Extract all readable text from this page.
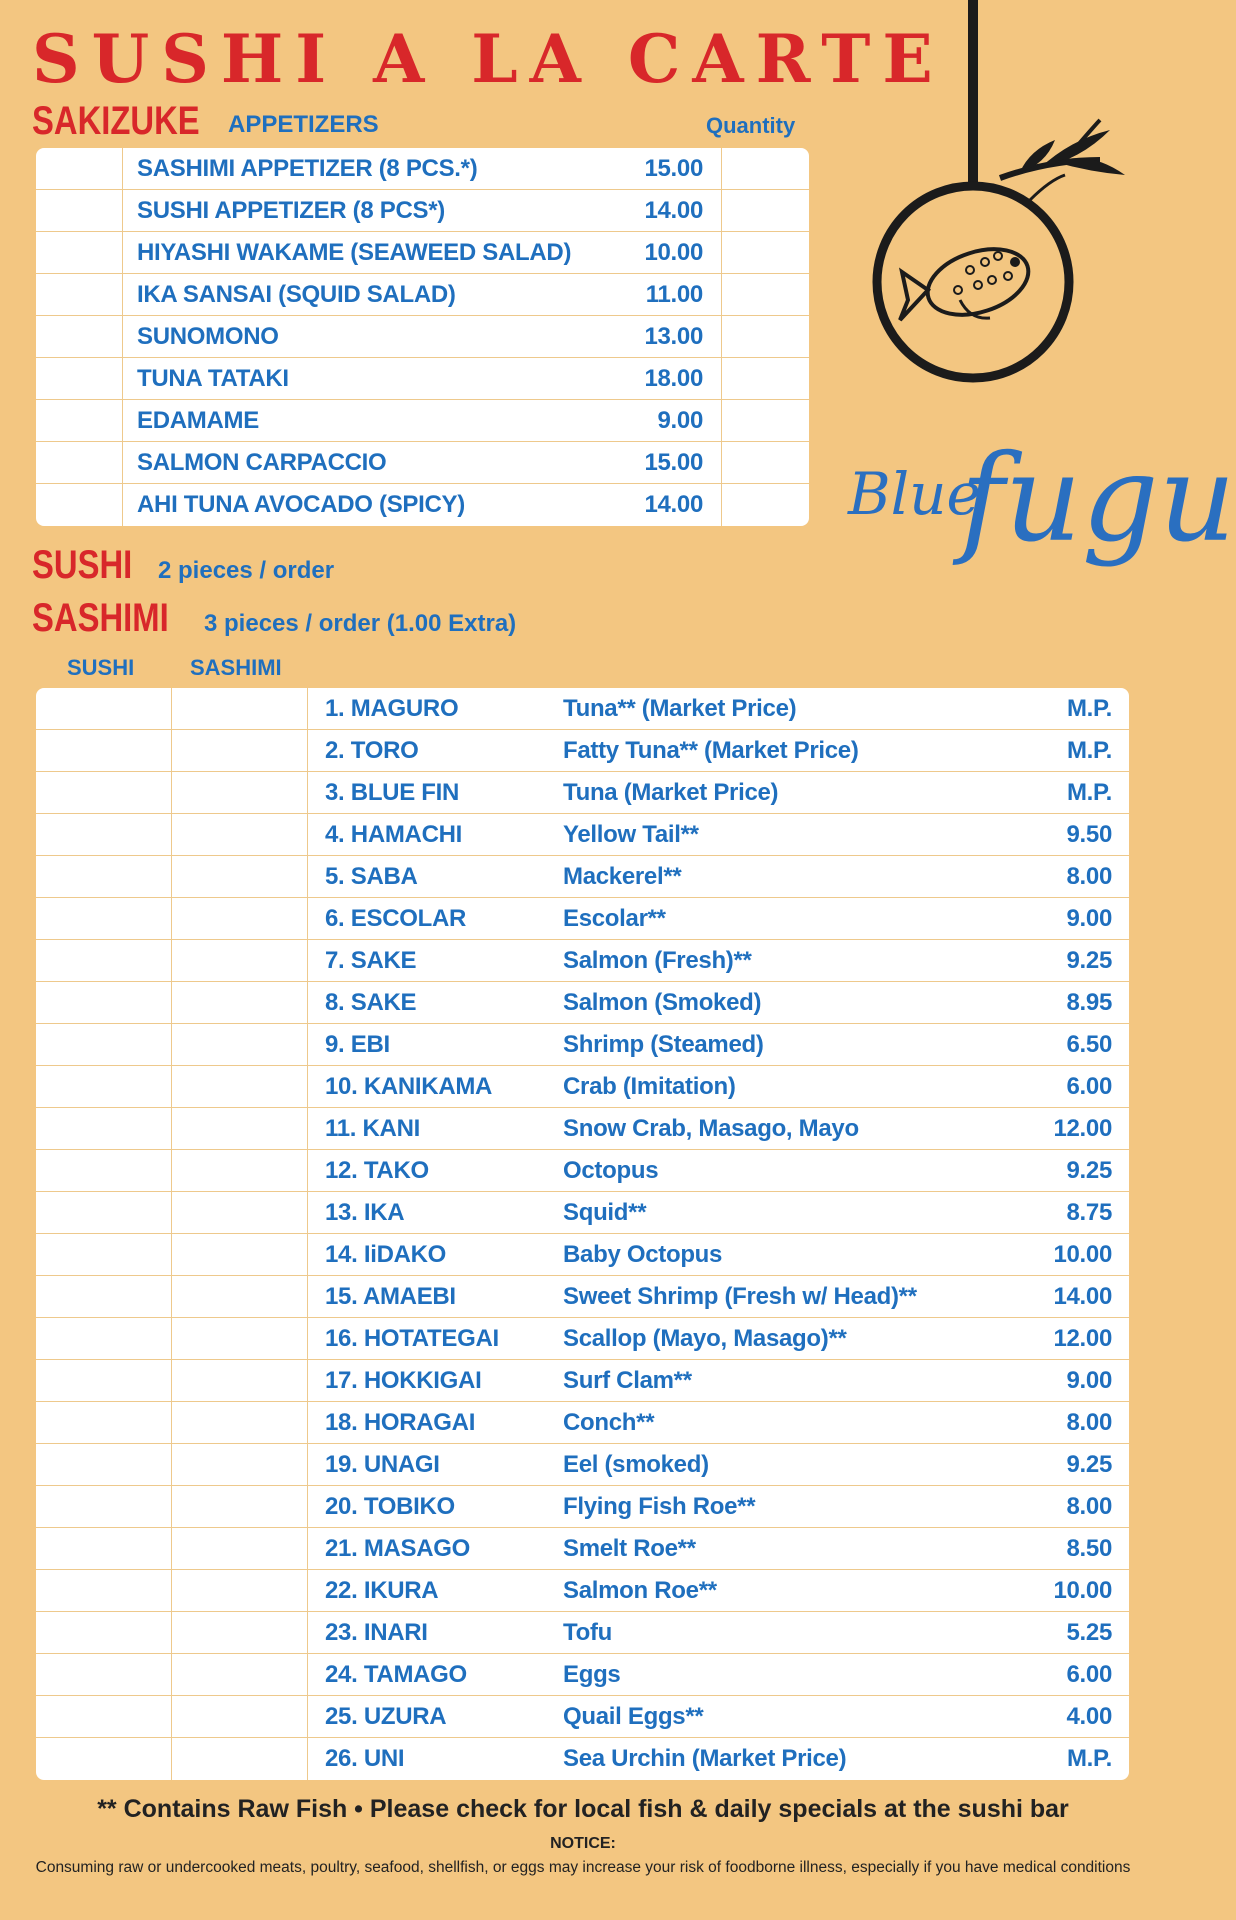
SUSHI A LA CARTE
SAKIZUKE APPETIZERS	Quantity
SASHIMI APPETIZER (8 PCS.*)	15.00
SUSHI APPETIZER (8 PCS*)	14.00
HIYASHI WAKAME (SEAWEED SALAD)	10.00
IKA SANSAI (SQUID SALAD)	11.00
SUNOMONO	13.00
TUNA TATAKI	18.00
EDAMAME	9.00
SALMON CARPACCIO	15.00
AHI TUNA AVOCADO (SPICY)	14.00
SUSHI 2 pieces / order
SASHIMI 3 pieces / order (1.00 Extra)
SUSHI	SASHIMI
1. MAGURO	Tuna** (Market Price)	M.P.
2. TORO	Fatty Tuna** (Market Price)	M.P.
3. BLUE FIN	Tuna (Market Price)	M.P.
4. HAMACHI	Yellow Tail**	9.50
5. SABA	Mackerel**	8.00
6. ESCOLAR	Escolar**	9.00
7. SAKE	Salmon (Fresh)**	9.25
8. SAKE	Salmon (Smoked)	8.95
9. EBI	Shrimp (Steamed)	6.50
10. KANIKAMA	Crab (Imitation)	6.00
11. KANI	Snow Crab, Masago, Mayo	12.00
12. TAKO	Octopus	9.25
13. IKA	Squid**	8.75
14. IiDAKO	Baby Octopus	10.00
15. AMAEBI	Sweet Shrimp (Fresh w/ Head)**	14.00
16. HOTATEGAI	Scallop (Mayo, Masago)**	12.00
17. HOKKIGAI	Surf Clam**	9.00
18. HORAGAI	Conch**	8.00
19. UNAGI	Eel (smoked)	9.25
20. TOBIKO	Flying Fish Roe**	8.00
21. MASAGO	Smelt Roe**	8.50
22. IKURA	Salmon Roe**	10.00
23. INARI	Tofu	5.25
24. TAMAGO	Eggs	6.00
25. UZURA	Quail Eggs**	4.00
26. UNI	Sea Urchin (Market Price)	M.P.
Blue
fugu
** Contains Raw Fish • Please check for local fish & daily specials at the sushi bar
NOTICE:
Consuming raw or undercooked meats, poultry, seafood, shellfish, or eggs may increase your risk of foodborne illness, especially if you have medical conditions
